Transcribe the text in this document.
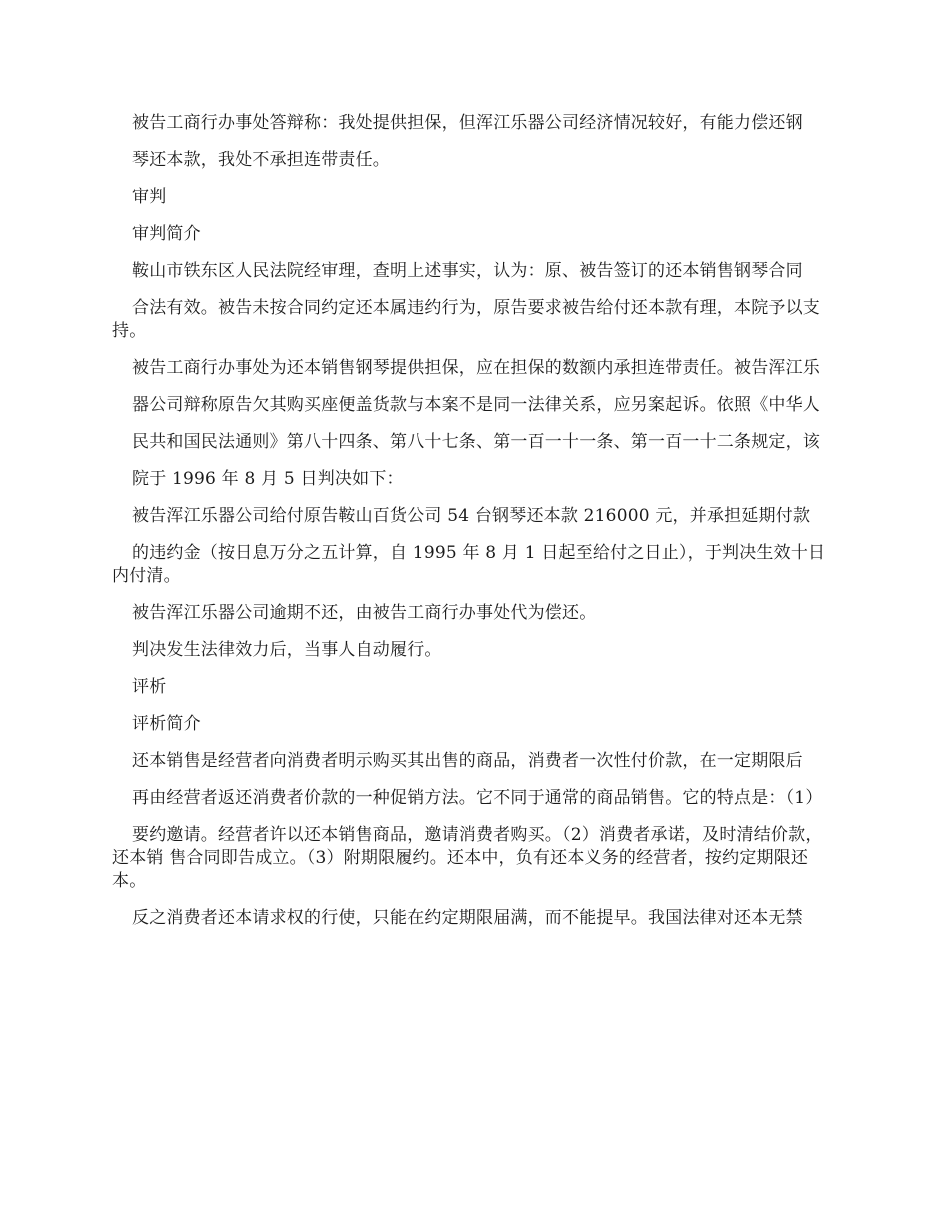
被告工商行办事处答辩称：我处提供担保，但浑江乐器公司经济情况较好，有能力偿还钢

琴还本款，我处不承担连带责任。

审判

审判简介

鞍山市铁东区人民法院经审理，查明上述事实，认为：原、被告签订的还本销售钢琴合同

合法有效。被告未按合同约定还本属违约行为，原告要求被告给付还本款有理，本院予以支持。

被告工商行办事处为还本销售钢琴提供担保，应在担保的数额内承担连带责任。被告浑江乐

器公司辩称原告欠其购买座便盖货款与本案不是同一法律关系，应另案起诉。依照《中华人

民共和国民法通则》第八十四条、第八十七条、第一百一十一条、第一百一十二条规定，该

院于 1996 年 8 月 5 日判决如下：

被告浑江乐器公司给付原告鞍山百货公司 54 台钢琴还本款 216000 元，并承担延期付款

的违约金（按日息万分之五计算，自 1995 年 8 月 1 日起至给付之日止），于判决生效十日内付清。

被告浑江乐器公司逾期不还，由被告工商行办事处代为偿还。

判决发生法律效力后，当事人自动履行。

评析

评析简介

还本销售是经营者向消费者明示购买其出售的商品，消费者一次性付价款，在一定期限后

再由经营者返还消费者价款的一种促销方法。它不同于通常的商品销售。它的特点是：（1）

要约邀请。经营者许以还本销售商品，邀请消费者购买。（2）消费者承诺，及时清结价款，还本销 售合同即告成立。（3）附期限履约。还本中，负有还本义务的经营者，按约定期限还本。

反之消费者还本请求权的行使，只能在约定期限届满，而不能提早。我国法律对还本无禁
